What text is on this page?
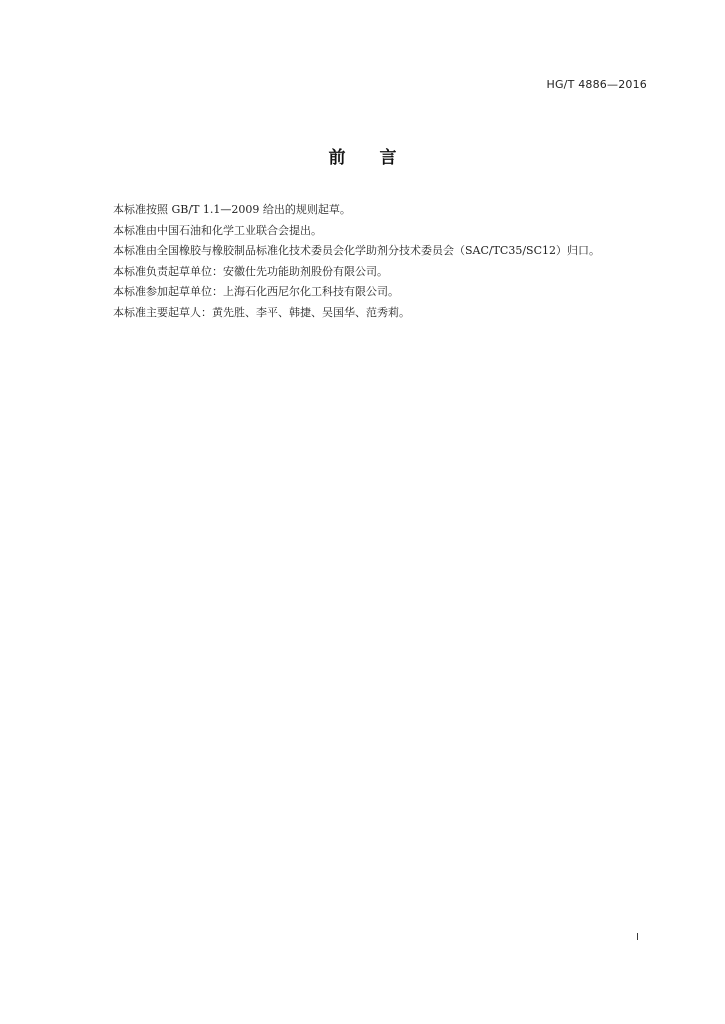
HG/T 4886—2016
前言
本标准按照 GB/T 1.1—2009 给出的规则起草。
本标准由中国石油和化学工业联合会提出。
本标准由全国橡胶与橡胶制品标准化技术委员会化学助剂分技术委员会（SAC/TC35/SC12）归口。
本标准负责起草单位：安徽仕先功能助剂股份有限公司。
本标准参加起草单位：上海石化西尼尔化工科技有限公司。
本标准主要起草人：黄先胜、李平、韩捷、吴国华、范秀莉。
I
